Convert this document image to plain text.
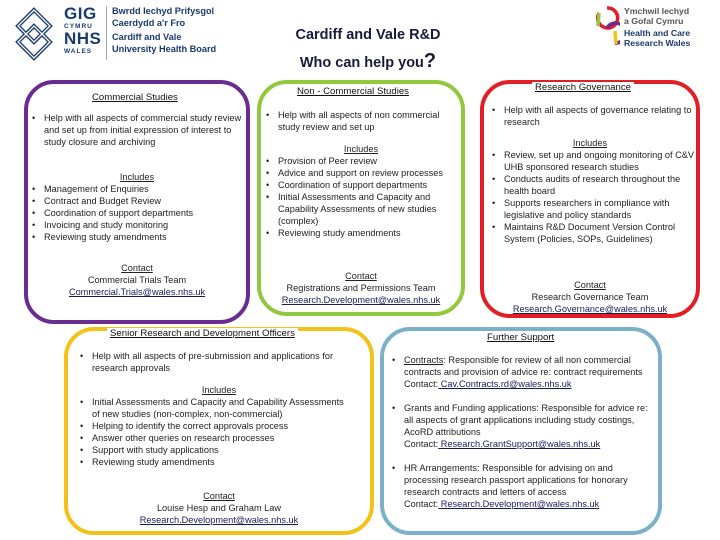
GIG
CYMRU
NHS
WALES
Bwrdd Iechyd Prifysgol
Caerdydd a'r Fro
Cardiff and Vale
University Health Board
Cardiff and Vale R&D
Who can help you?
Ymchwil Iechyd
a Gofal Cymru
Health and Care
Research Wales
Commercial Studies
• Help with all aspects of commercial study review and set up from initial expression of interest to study closure and archiving
Includes
• Management of Enquiries
• Contract and Budget Review
• Coordination of support departments
• Invoicing and study monitoring
• Reviewing study amendments
Contact
Commercial Trials Team
Commercial.Trials@wales.nhs.uk
Non - Commercial Studies
• Help with all aspects of non commercial study review and set up
Includes
• Provision of Peer review
• Advice and support on review processes
• Coordination of support departments
• Initial Assessments and Capacity and Capability Assessments of new studies (complex)
• Reviewing study amendments
Contact
Registrations and Permissions Team
Research.Development@wales.nhs.uk
Research Governance
• Help with all aspects of governance relating to research
Includes
• Review, set up and ongoing monitoring of C&V UHB sponsored research studies
• Conducts audits of research throughout the health board
• Supports researchers in compliance with legislative and policy standards
• Maintains R&D Document Version Control System (Policies, SOPs, Guidelines)
Contact
Research Governance Team
Research.Governance@wales.nhs.uk
Senior Research and Development Officers
• Help with all aspects of pre-submission and applications for research approvals
Includes
• Initial Assessments and Capacity and Capability Assessments of new studies (non-complex, non-commercial)
• Helping to identify the correct approvals process
• Answer other queries on research processes
• Support with study applications
• Reviewing study amendments
Contact
Louise Hesp and Graham Law
Research.Development@wales.nhs.uk
Further Support
• Contracts: Responsible for review of all non commercial contracts and provision of advice re: contract requirements
Contact: Cav.Contracts.rd@wales.nhs.uk
• Grants and Funding applications: Responsible for advice re: all aspects of grant applications including study costings, AcoRD attributions
Contact: Research.GrantSupport@wales.nhs.uk
• HR Arrangements: Responsible for advising on and processing research passport applications for honorary research contracts and letters of access
Contact: Research.Development@wales.nhs.uk
